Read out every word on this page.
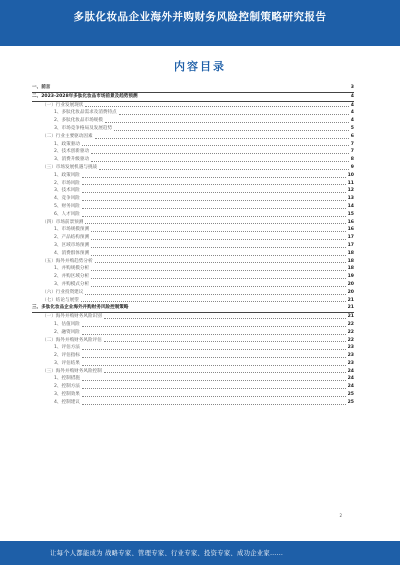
多肽化妆品企业海外并购财务风险控制策略研究报告
内容目录
一、前言	3
二、2023-2028年多肽化妆品市场前景及趋势预测	4
（一）行业发展现状	4
1、多肽化妆品需求及消费特点	4
2、多肽化妆品市场规模	4
3、市场竞争格局及发展趋势	5
（二）行业主要驱动因素	6
1、政策驱动	7
2、技术创新驱动	7
3、消费升级驱动	8
（三）市场发展机遇与挑战	9
1、政策风险	10
2、市场风险	11
3、技术风险	12
4、竞争风险	13
5、财务风险	14
6、人才风险	15
（四）市场前景预测	16
1、市场规模预测	16
2、产品结构预测	17
3、区域市场预测	17
4、消费群体预测	18
（五）海外并购趋势分析	18
1、并购规模分析	18
2、并购区域分析	19
3、并购模式分析	20
（六）行业投资建议	20
（七）结论与展望	21
三、多肽化妆品企业海外并购财务风险控制策略	21
（一）海外并购财务风险识别	21
1、估值风险	22
2、融资风险	22
（二）海外并购财务风险评估	22
1、评估方法	23
2、评估指标	23
3、评估结果	23
（三）海外并购财务风险控制	24
1、控制措施	24
2、控制方法	24
3、控制效果	25
4、控制建议	25
2
让每个人都能成为 战略专家、管理专家、行业专家、投资专家、成功企业家……
